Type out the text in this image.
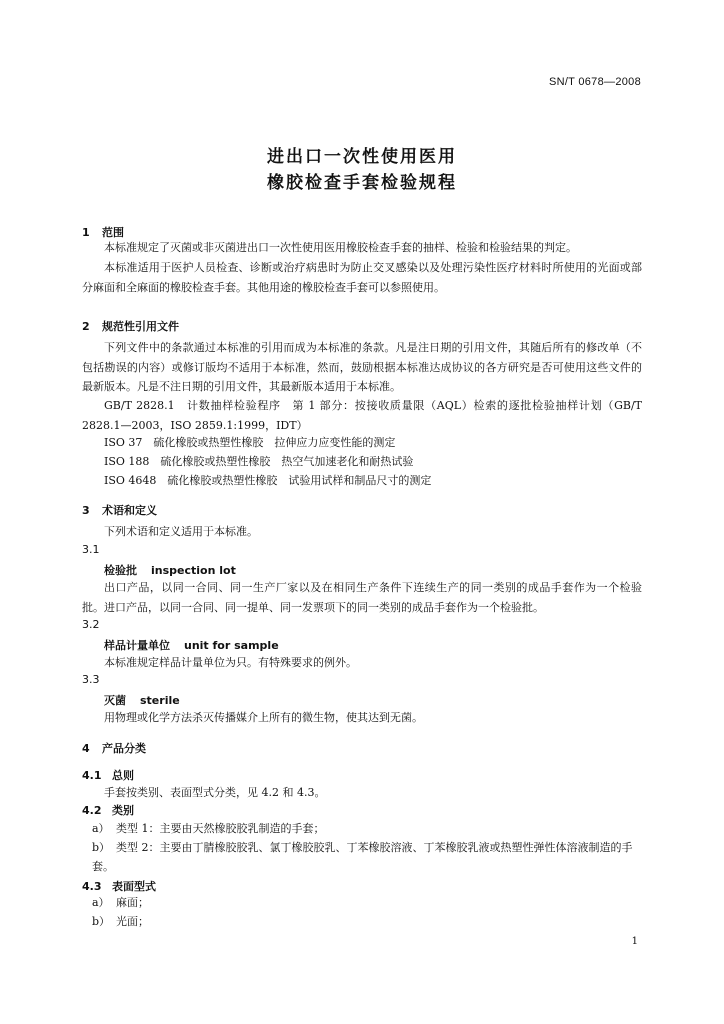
SN/T 0678—2008
进出口一次性使用医用
橡胶检查手套检验规程
1 范围
本标准规定了灭菌或非灭菌进出口一次性使用医用橡胶检查手套的抽样、检验和检验结果的判定。
本标准适用于医护人员检查、诊断或治疗病患时为防止交叉感染以及处理污染性医疗材料时所使用的光面或部分麻面和全麻面的橡胶检查手套。其他用途的橡胶检查手套可以参照使用。
2 规范性引用文件
下列文件中的条款通过本标准的引用而成为本标准的条款。凡是注日期的引用文件，其随后所有的修改单（不包括勘误的内容）或修订版均不适用于本标准，然而，鼓励根据本标准达成协议的各方研究是否可使用这些文件的最新版本。凡是不注日期的引用文件，其最新版本适用于本标准。
GB/T 2828.1　计数抽样检验程序　第 1 部分：按接收质量限（AQL）检索的逐批检验抽样计划（GB/T 2828.1—2003，ISO 2859.1:1999，IDT）
ISO 37　硫化橡胶或热塑性橡胶　拉伸应力应变性能的测定
ISO 188　硫化橡胶或热塑性橡胶　热空气加速老化和耐热试验
ISO 4648　硫化橡胶或热塑性橡胶　试验用试样和制品尺寸的测定
3 术语和定义
下列术语和定义适用于本标准。
3.1
检验批 inspection lot
出口产品，以同一合同、同一生产厂家以及在相同生产条件下连续生产的同一类别的成品手套作为一个检验批。进口产品，以同一合同、同一提单、同一发票项下的同一类别的成品手套作为一个检验批。
3.2
样品计量单位 unit for sample
本标准规定样品计量单位为只。有特殊要求的例外。
3.3
灭菌 sterile
用物理或化学方法杀灭传播媒介上所有的微生物，使其达到无菌。
4 产品分类
4.1 总则
手套按类别、表面型式分类，见 4.2 和 4.3。
4.2 类别
a） 类型 1：主要由天然橡胶胶乳制造的手套；
b） 类型 2：主要由丁腈橡胶胶乳、氯丁橡胶胶乳、丁苯橡胶溶液、丁苯橡胶乳液或热塑性弹性体溶液制造的手套。
4.3 表面型式
a） 麻面；
b） 光面；
1
